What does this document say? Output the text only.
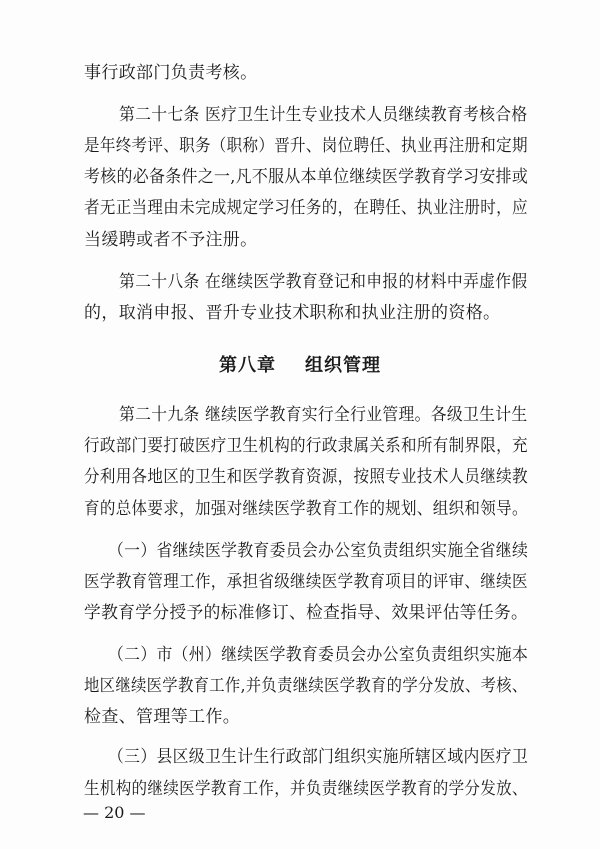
事行政部门负责考核。
第二十七条 医疗卫生计生专业技术人员继续教育考核合格
是年终考评、职务（职称）晋升、岗位聘任、执业再注册和定期
考核的必备条件之一,凡不服从本单位继续医学教育学习安排或
者无正当理由未完成规定学习任务的，在聘任、执业注册时，应
当缓聘或者不予注册。
第二十八条 在继续医学教育登记和申报的材料中弄虚作假
的，取消申报、晋升专业技术职称和执业注册的资格。
第八章    组织管理
第二十九条 继续医学教育实行全行业管理。各级卫生计生
行政部门要打破医疗卫生机构的行政隶属关系和所有制界限，充
分利用各地区的卫生和医学教育资源，按照专业技术人员继续教
育的总体要求，加强对继续医学教育工作的规划、组织和领导。
（一）省继续医学教育委员会办公室负责组织实施全省继续
医学教育管理工作，承担省级继续医学教育项目的评审、继续医
学教育学分授予的标准修订、检查指导、效果评估等任务。
（二）市（州）继续医学教育委员会办公室负责组织实施本
地区继续医学教育工作,并负责继续医学教育的学分发放、考核、
检查、管理等工作。
（三）县区级卫生计生行政部门组织实施所辖区域内医疗卫
生机构的继续医学教育工作，并负责继续医学教育的学分发放、
— 20 —
